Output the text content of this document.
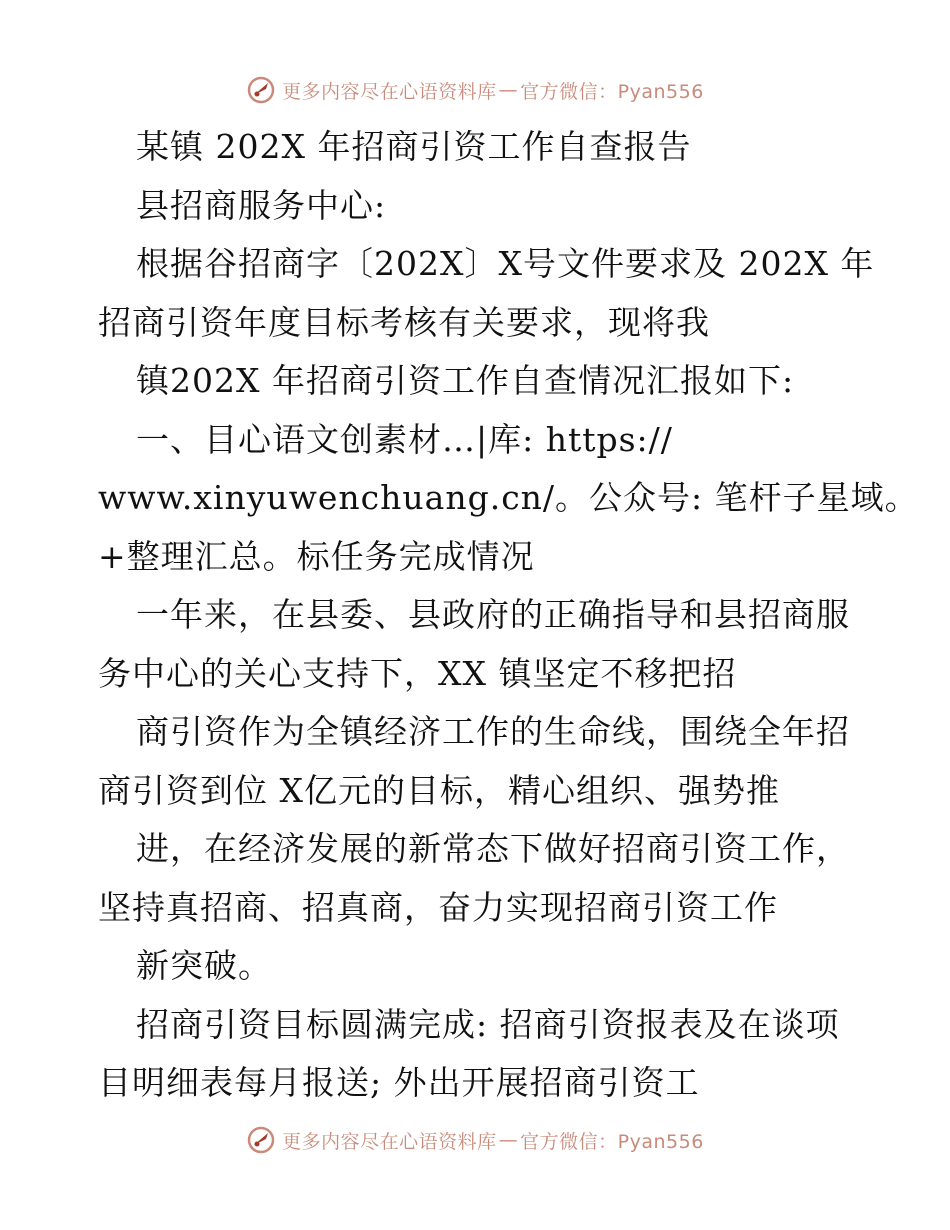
更多内容尽在心语资料库 — 官方微信：Pyan556
某镇 202X 年招商引资工作自查报告
县招商服务中心:
根据谷招商字〔202X〕X号文件要求及 202X 年
招商引资年度目标考核有关要求，现将我
镇202X 年招商引资工作自查情况汇报如下:
一、目心语文创素材…|库: https://
www.xinyuwenchuang.cn/。公众号: 笔杆子星域。
+整理汇总。标任务完成情况
一年来，在县委、县政府的正确指导和县招商服
务中心的关心支持下，XX 镇坚定不移把招
商引资作为全镇经济工作的生命线，围绕全年招
商引资到位 X亿元的目标，精心组织、强势推
进，在经济发展的新常态下做好招商引资工作，
坚持真招商、招真商，奋力实现招商引资工作
新突破。
招商引资目标圆满完成: 招商引资报表及在谈项
目明细表每月报送; 外出开展招商引资工
更多内容尽在心语资料库 — 官方微信：Pyan556
